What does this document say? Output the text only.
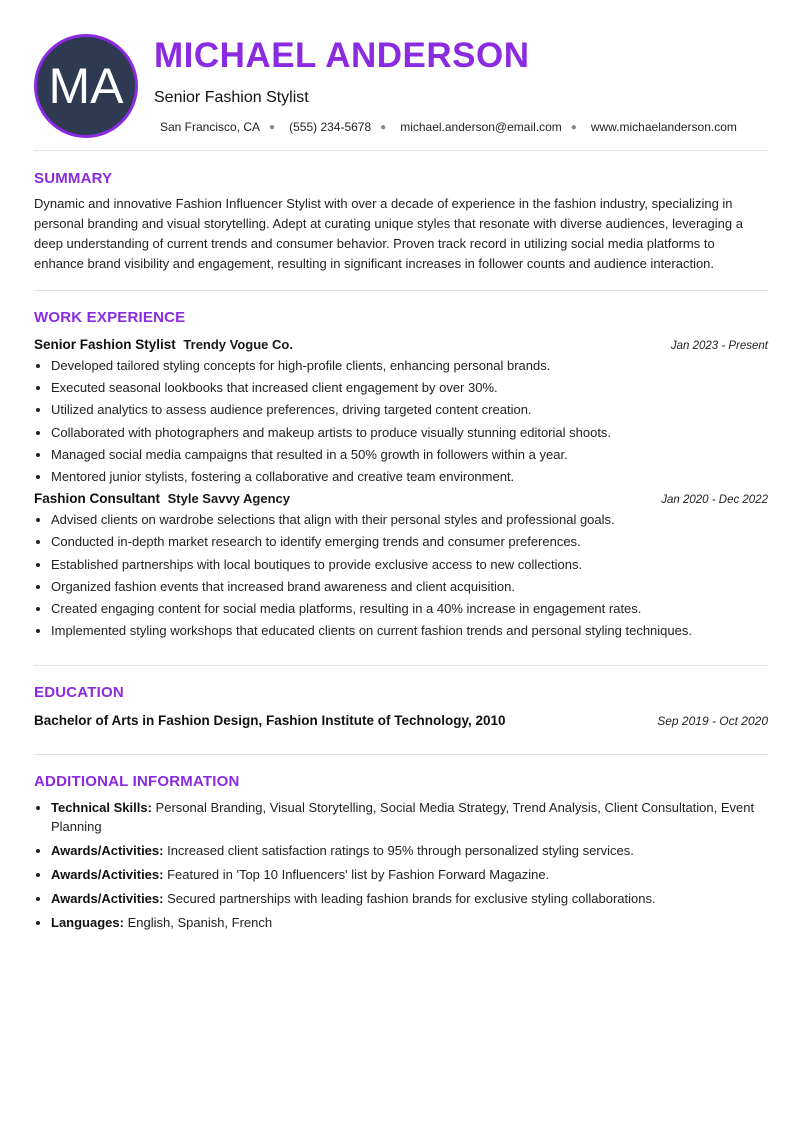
MA
MICHAEL ANDERSON
Senior Fashion Stylist
San Francisco, CA ● (555) 234-5678 ● michael.anderson@email.com ● www.michaelanderson.com
SUMMARY
Dynamic and innovative Fashion Influencer Stylist with over a decade of experience in the fashion industry, specializing in personal branding and visual storytelling. Adept at curating unique styles that resonate with diverse audiences, leveraging a deep understanding of current trends and consumer behavior. Proven track record in utilizing social media platforms to enhance brand visibility and engagement, resulting in significant increases in follower counts and audience interaction.
WORK EXPERIENCE
Senior Fashion Stylist Trendy Vogue Co.	Jan 2023 - Present
• Developed tailored styling concepts for high-profile clients, enhancing personal brands.
• Executed seasonal lookbooks that increased client engagement by over 30%.
• Utilized analytics to assess audience preferences, driving targeted content creation.
• Collaborated with photographers and makeup artists to produce visually stunning editorial shoots.
• Managed social media campaigns that resulted in a 50% growth in followers within a year.
• Mentored junior stylists, fostering a collaborative and creative team environment.
Fashion Consultant Style Savvy Agency	Jan 2020 - Dec 2022
• Advised clients on wardrobe selections that align with their personal styles and professional goals.
• Conducted in-depth market research to identify emerging trends and consumer preferences.
• Established partnerships with local boutiques to provide exclusive access to new collections.
• Organized fashion events that increased brand awareness and client acquisition.
• Created engaging content for social media platforms, resulting in a 40% increase in engagement rates.
• Implemented styling workshops that educated clients on current fashion trends and personal styling techniques.
EDUCATION
Bachelor of Arts in Fashion Design, Fashion Institute of Technology, 2010	Sep 2019 - Oct 2020
ADDITIONAL INFORMATION
• Technical Skills: Personal Branding, Visual Storytelling, Social Media Strategy, Trend Analysis, Client Consultation, Event Planning
• Awards/Activities: Increased client satisfaction ratings to 95% through personalized styling services.
• Awards/Activities: Featured in 'Top 10 Influencers' list by Fashion Forward Magazine.
• Awards/Activities: Secured partnerships with leading fashion brands for exclusive styling collaborations.
• Languages: English, Spanish, French
